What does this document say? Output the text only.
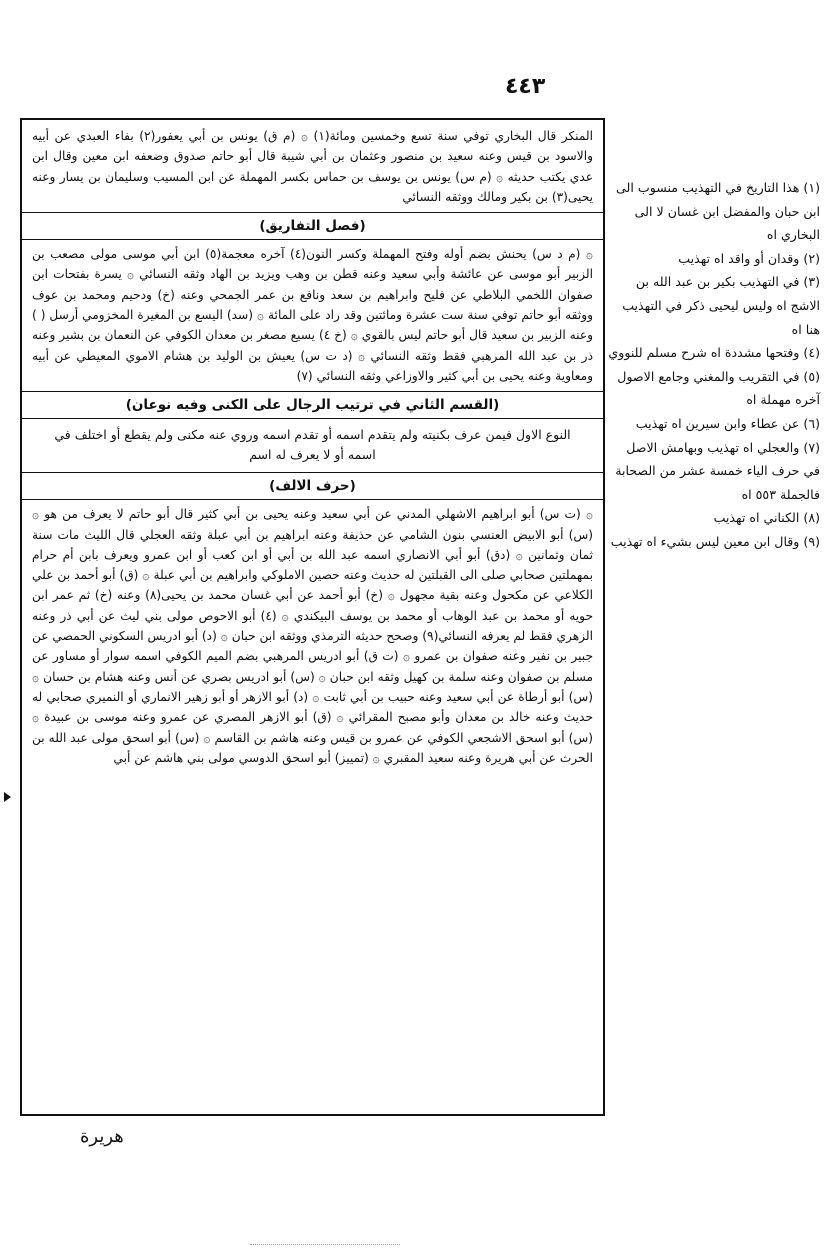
٤٤٣

المنكر قال البخاري توفي سنة تسع وخمسين ومائة(١) ۞ (م ق) يونس بن أبي يعفور(٢) بفاء العبدي عن أبيه والاسود بن قيس وعنه سعيد بن منصور وعثمان بن أبي شيبة قال أبو حاتم صدوق وضعفه ابن معين وقال ابن عدي يكتب حديثه ۞ (م س) يونس بن يوسف بن حماس بكسر المهملة عن ابن المسيب وسليمان بن يسار وعنه يحيى(٣) بن بكير ومالك ووثقه النسائي

(فصل التفاريق)

۞ (م د س) يحنش بضم أوله وفتح المهملة وكسر النون(٤) آخره معجمة(٥) ابن أبي موسى مولى مصعب بن الزبير أبو موسى عن عائشة وأبي سعيد وعنه قطن بن وهب ويزيد بن الهاد وثقه النسائي ۞ يسرة بفتحات ابن صفوان اللخمي البلاطي عن فليح وابراهيم بن سعد ونافع بن عمر الجمحي وعنه (خ) ودحيم ومحمد بن عوف ووثقه أبو حاتم توفي سنة ست عشرة ومائتين وقد راد على المائة ۞ (سد) اليسع بن المغيرة المخزومي أرسل ( ) وعنه الزبير بن سعيد قال أبو حاتم ليس بالقوي ۞ (خ ٤) يسيع مصغر بن معدان الكوفي عن النعمان بن بشير وعنه ذر بن عبد الله المرهبي فقط وثقه النسائي ۞ (د ت س) يعيش بن الوليد بن هشام الاموي المعيطي عن أبيه ومعاوية وعنه يحيى بن أبي كثير والاوزاعي وثقه النسائي (٧)

(القسم الثاني في ترتيب الرجال على الكنى وفيه نوعان)

النوع الاول فيمن عرف بكنيته ولم يتقدم اسمه أو تقدم اسمه وروي عنه مكنى ولم يقطع أو اختلف في اسمه أو لا يعرف له اسم

(حرف الالف)

۞ (ت س) أبو ابراهيم الاشهلي المدني عن أبي سعيد وعنه يحيى بن أبي كثير قال أبو حاتم لا يعرف من هو ۞ (س) أبو الابيض العنسي بنون الشامي عن حذيفة وعنه ابراهيم بن أبي عبلة وثقه العجلي قال الليث مات سنة ثمان وثمانين ۞ (دق) أبو أبي الانصاري اسمه عبد الله بن أبي أو ابن كعب أو ابن عمرو ويعرف بابن أم حرام بمهملتين صحابي صلى الى القبلتين له حديث وعنه حصين الاملوكي وابراهيم بن أبي عبلة ۞ (ق) أبو أحمد بن علي الكلاعي عن مكحول وعنه بقية مجهول ۞ (خ) أبو أحمد عن أبي غسان محمد بن يحيى(٨) وعنه (خ) ثم عمر ابن حويه أو محمد بن عبد الوهاب أو محمد بن يوسف البيكندي ۞ (٤) أبو الاحوص مولى بني ليث عن أبي ذر وعنه الزهري فقط لم يعرفه النسائي(٩) وصحح حديثه الترمذي ووثقه ابن حبان ۞ (د) أبو ادريس السكوني الحمصي عن جبير بن نفير وعنه صفوان بن عمرو ۞ (ت ق) أبو ادريس المرهبي بضم الميم الكوفي اسمه سوار أو مساور عن مسلم بن صفوان وعنه سلمة بن كهيل وثقه ابن حبان ۞ (س) أبو ادريس بصري عن أنس وعنه هشام بن حسان ۞ (س) أبو أرطاة عن أبي سعيد وعنه حبيب بن أبي ثابت ۞ (د) أبو الازهر أو أبو زهير الانماري أو النميري صحابي له حديث وعنه خالد بن معدان وأبو مصبح المقرائي ۞ (ق) أبو الازهر المصري عن عمرو وعنه موسى بن عبيدة ۞ (س) أبو اسحق الاشجعي الكوفي عن عمرو بن قيس وعنه هاشم بن القاسم ۞ (س) أبو اسحق مولى عبد الله بن الحرث عن أبي هريرة وعنه سعيد المقبري ۞ (تمييز) أبو اسحق الدوسي مولى بني هاشم عن أبي

(١) هذا التاريخ في التهذيب منسوب الى ابن حبان والمفضل ابن غسان لا الى البخاري اه
(٢) وقدان أو واقد اه تهذيب
(٣) في التهذيب بكير بن عبد الله بن الاشج اه وليس ليحيى ذكر في التهذيب هنا اه
(٤) وفتحها مشددة اه شرح مسلم للنووي
(٥) في التقريب والمغني وجامع الاصول آخره مهملة اه
(٦) عن عطاء وابن سيرين اه تهذيب
(٧) والعجلي اه تهذيب وبهامش الاصل في حرف الياء خمسة عشر من الصحابة فالجملة ٥٥٣ اه
(٨) الكناني اه تهذيب
(٩) وقال ابن معين ليس بشيء اه تهذيب
هريرة
